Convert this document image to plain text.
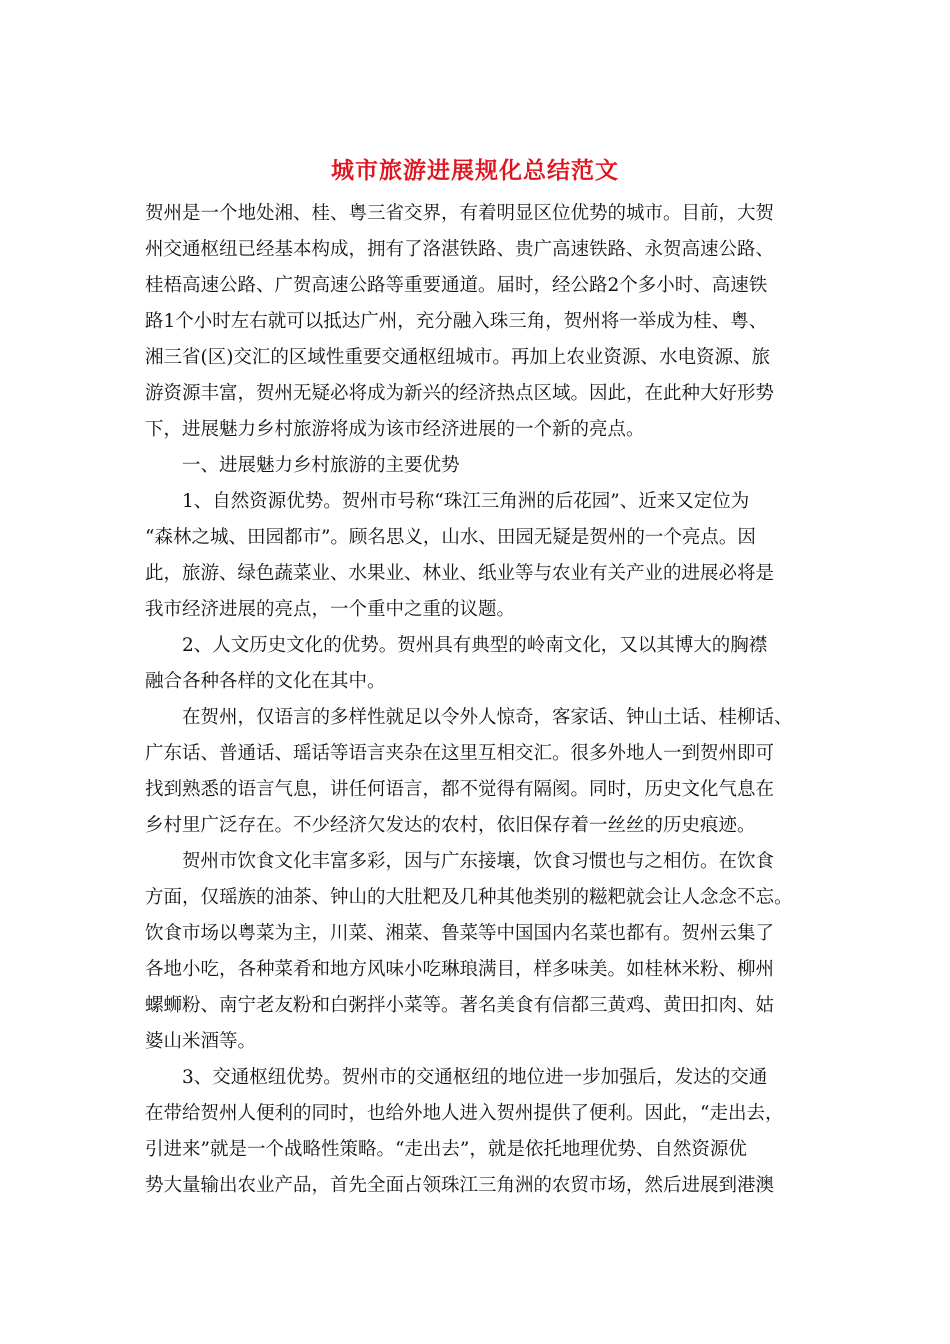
城市旅游进展规化总结范文

贺州是一个地处湘、桂、粤三省交界，有着明显区位优势的城市。目前，大贺

州交通枢纽已经基本构成，拥有了洛湛铁路、贵广高速铁路、永贺高速公路、

桂梧高速公路、广贺高速公路等重要通道。届时，经公路2个多小时、高速铁

路1个小时左右就可以抵达广州，充分融入珠三角，贺州将一举成为桂、粤、

湘三省(区)交汇的区域性重要交通枢纽城市。再加上农业资源、水电资源、旅

游资源丰富，贺州无疑必将成为新兴的经济热点区域。因此，在此种大好形势

下，进展魅力乡村旅游将成为该市经济进展的一个新的亮点。

　　一、进展魅力乡村旅游的主要优势

　　1、自然资源优势。贺州市号称“珠江三角洲的后花园”、近来又定位为

“森林之城、田园都市”。顾名思义，山水、田园无疑是贺州的一个亮点。因

此，旅游、绿色蔬菜业、水果业、林业、纸业等与农业有关产业的进展必将是

我市经济进展的亮点，一个重中之重的议题。

　　2、人文历史文化的优势。贺州具有典型的岭南文化，又以其博大的胸襟

融合各种各样的文化在其中。

　　在贺州，仅语言的多样性就足以令外人惊奇，客家话、钟山土话、桂柳话、

广东话、普通话、瑶话等语言夹杂在这里互相交汇。很多外地人一到贺州即可

找到熟悉的语言气息，讲任何语言，都不觉得有隔阂。同时，历史文化气息在

乡村里广泛存在。不少经济欠发达的农村，依旧保存着一丝丝的历史痕迹。

　　贺州市饮食文化丰富多彩，因与广东接壤，饮食习惯也与之相仿。在饮食

方面，仅瑶族的油茶、钟山的大肚粑及几种其他类别的糍粑就会让人念念不忘。

饮食市场以粤菜为主，川菜、湘菜、鲁菜等中国国内名菜也都有。贺州云集了

各地小吃，各种菜肴和地方风味小吃琳琅满目，样多味美。如桂林米粉、柳州

螺蛳粉、南宁老友粉和白粥拌小菜等。著名美食有信都三黄鸡、黄田扣肉、姑

婆山米酒等。

　　3、交通枢纽优势。贺州市的交通枢纽的地位进一步加强后，发达的交通

在带给贺州人便利的同时，也给外地人进入贺州提供了便利。因此，“走出去，

引进来”就是一个战略性策略。“走出去”，就是依托地理优势、自然资源优

势大量输出农业产品，首先全面占领珠江三角洲的农贸市场，然后进展到港澳
